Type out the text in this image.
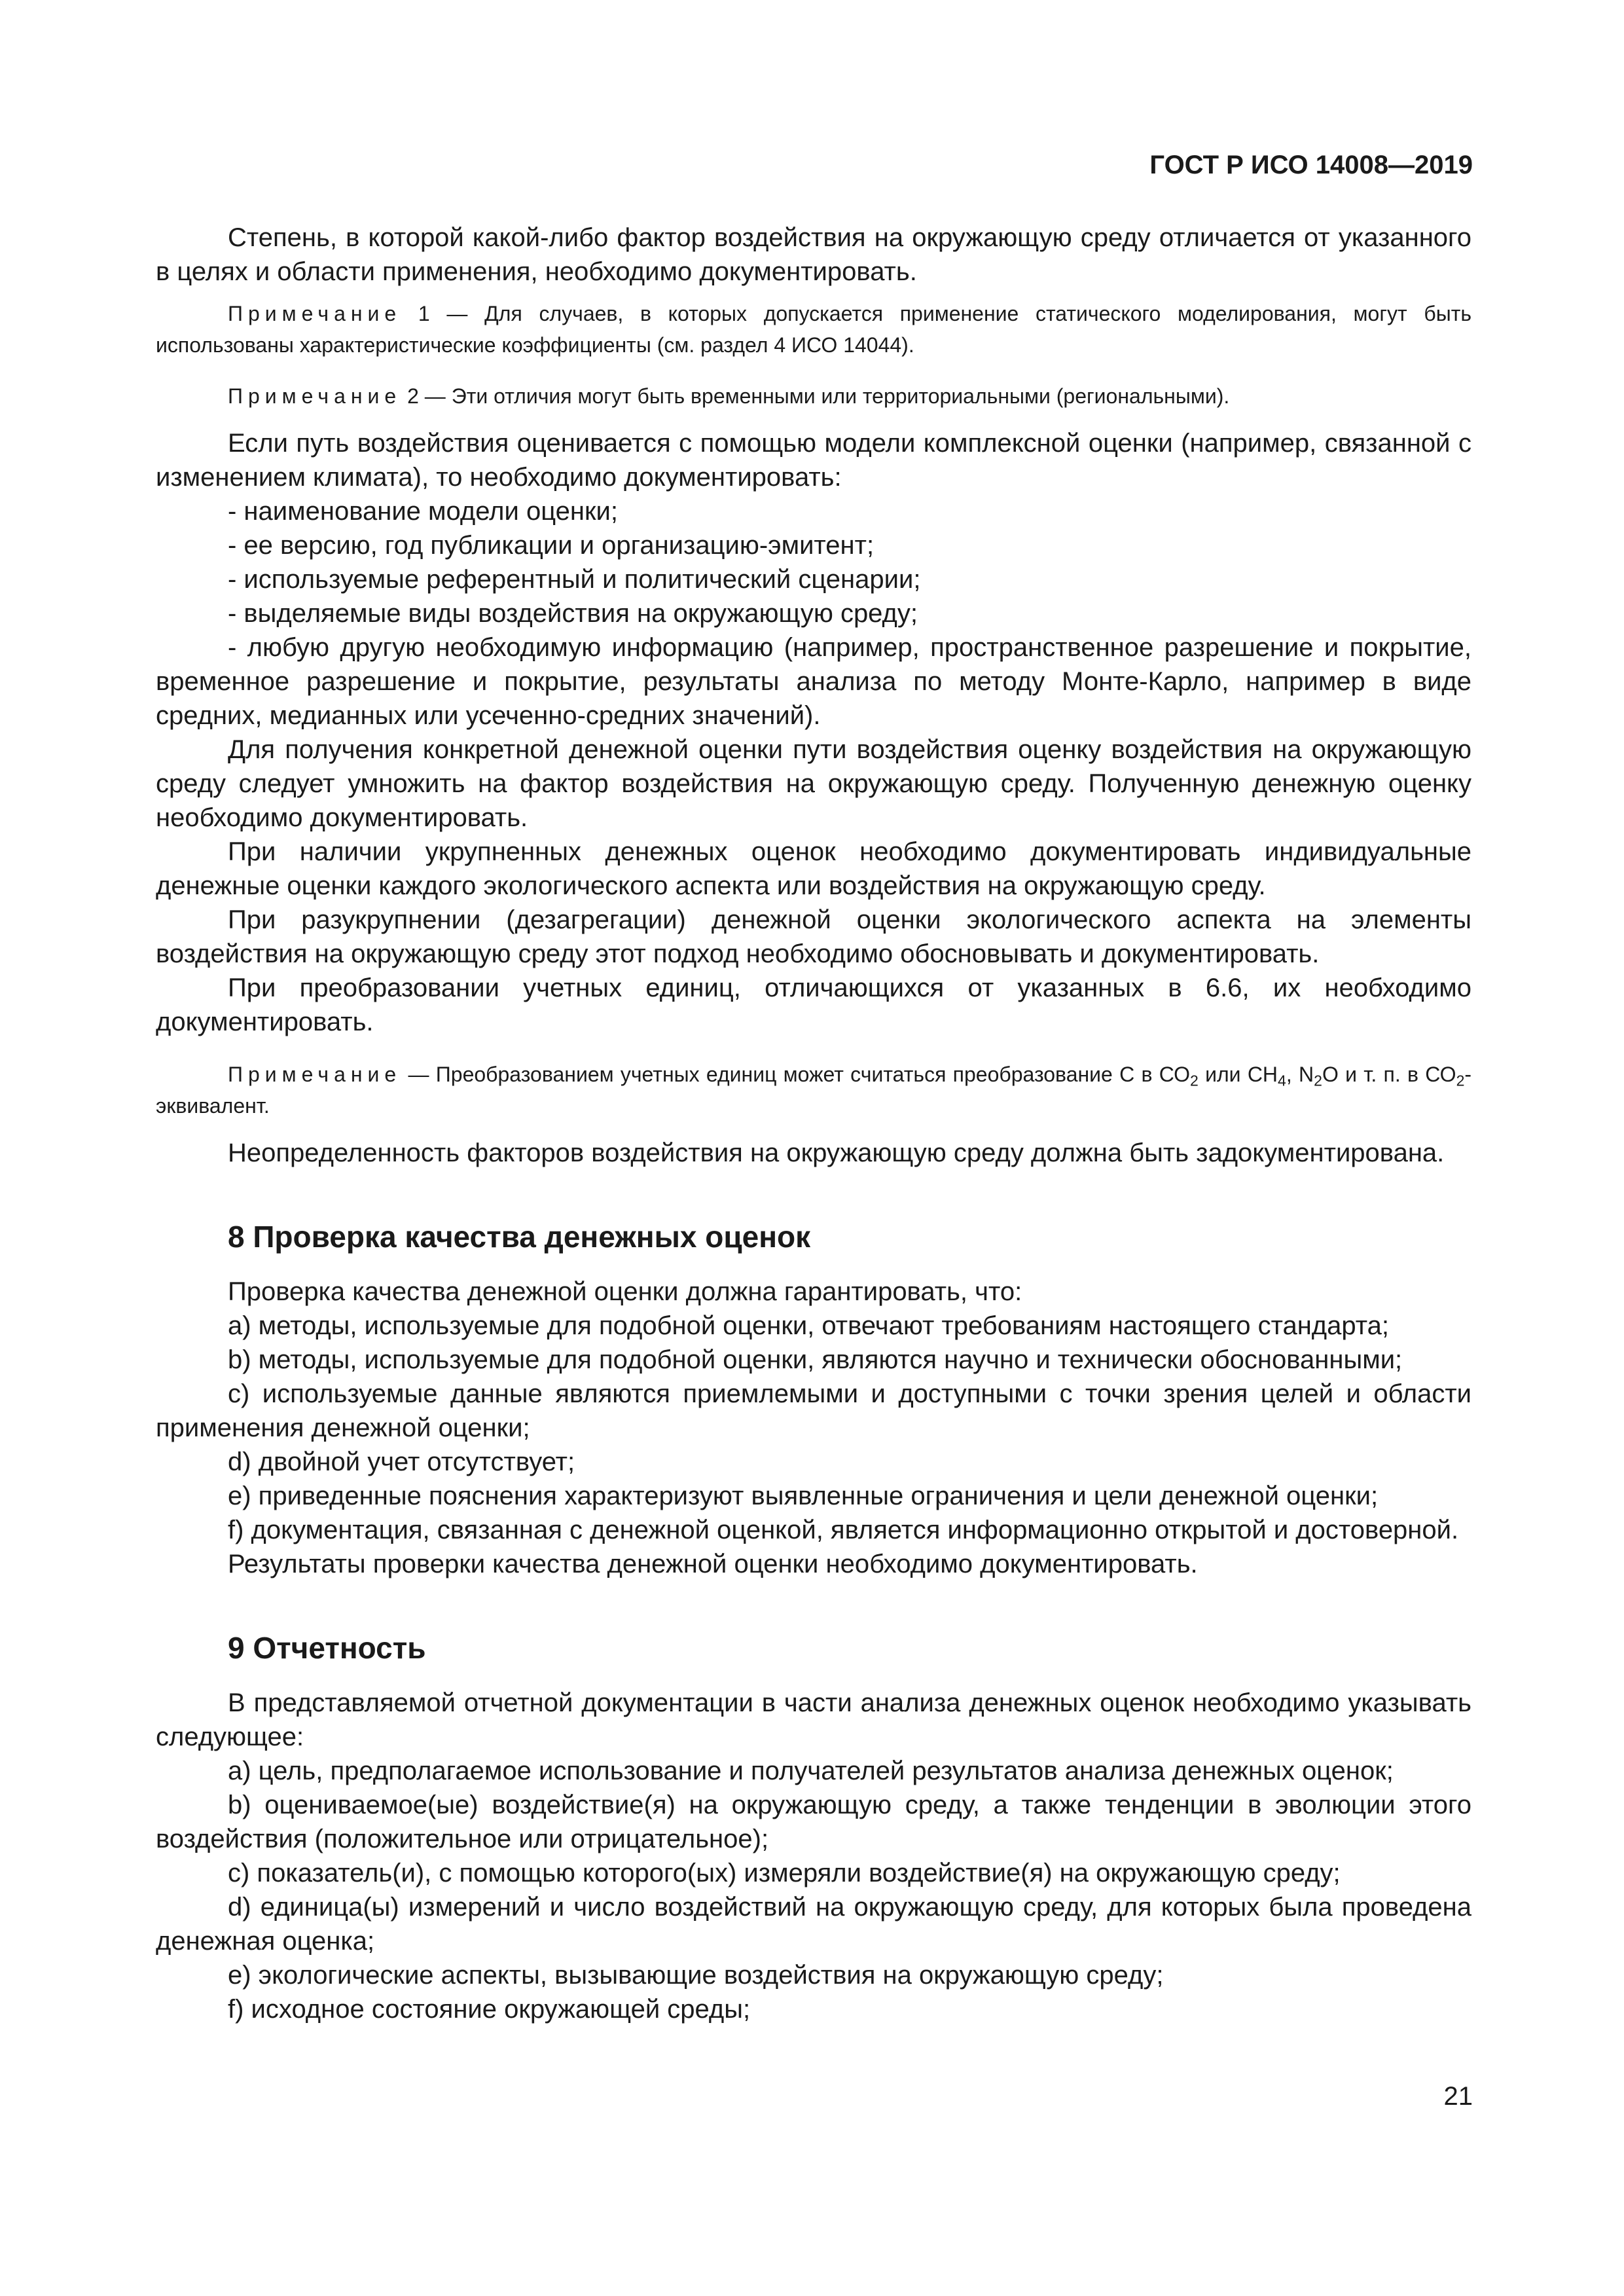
ГОСТ Р ИСО 14008—2019

Степень, в которой какой-либо фактор воздействия на окружающую среду отличается от указанного в целях и области применения, необходимо документировать.

Примечание 1 — Для случаев, в которых допускается применение статического моделирования, могут быть использованы характеристические коэффициенты (см. раздел 4 ИСО 14044).

Примечание 2 — Эти отличия могут быть временными или территориальными (региональными).

Если путь воздействия оценивается с помощью модели комплексной оценки (например, связанной с изменением климата), то необходимо документировать:

- наименование модели оценки;

- ее версию, год публикации и организацию-эмитент;

- используемые референтный и политический сценарии;

- выделяемые виды воздействия на окружающую среду;

- любую другую необходимую информацию (например, пространственное разрешение и покрытие, временное разрешение и покрытие, результаты анализа по методу Монте-Карло, например в виде средних, медианных или усеченно-средних значений).

Для получения конкретной денежной оценки пути воздействия оценку воздействия на окружающую среду следует умножить на фактор воздействия на окружающую среду. Полученную денежную оценку необходимо документировать.

При наличии укрупненных денежных оценок необходимо документировать индивидуальные денежные оценки каждого экологического аспекта или воздействия на окружающую среду.

При разукрупнении (дезагрегации) денежной оценки экологического аспекта на элементы воздействия на окружающую среду этот подход необходимо обосновывать и документировать.

При преобразовании учетных единиц, отличающихся от указанных в 6.6, их необходимо документировать.

Примечание — Преобразованием учетных единиц может считаться преобразование С в $СО_2$ или $СН_4$, $N_2O$ и т. п. в $СО_2$-эквивалент.

Неопределенность факторов воздействия на окружающую среду должна быть задокументирована.

8 Проверка качества денежных оценок

Проверка качества денежной оценки должна гарантировать, что:

a) методы, используемые для подобной оценки, отвечают требованиям настоящего стандарта;

b) методы, используемые для подобной оценки, являются научно и технически обоснованными;

c) используемые данные являются приемлемыми и доступными с точки зрения целей и области применения денежной оценки;

d) двойной учет отсутствует;

e) приведенные пояснения характеризуют выявленные ограничения и цели денежной оценки;

f) документация, связанная с денежной оценкой, является информационно открытой и достоверной.

Результаты проверки качества денежной оценки необходимо документировать.

9 Отчетность

В представляемой отчетной документации в части анализа денежных оценок необходимо указывать следующее:

a) цель, предполагаемое использование и получателей результатов анализа денежных оценок;

b) оцениваемое(ые) воздействие(я) на окружающую среду, а также тенденции в эволюции этого воздействия (положительное или отрицательное);

c) показатель(и), с помощью которого(ых) измеряли воздействие(я) на окружающую среду;

d) единица(ы) измерений и число воздействий на окружающую среду, для которых была проведена денежная оценка;

e) экологические аспекты, вызывающие воздействия на окружающую среду;

f) исходное состояние окружающей среды;

21
